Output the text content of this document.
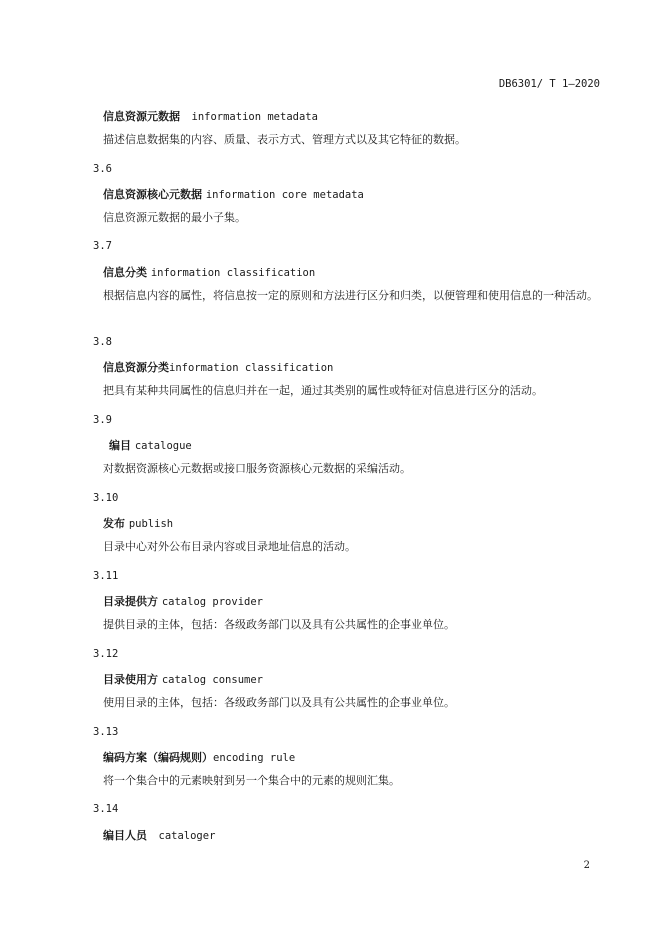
DB6301/ T 1—2020
信息资源元数据 information metadata
描述信息数据集的内容、质量、表示方式、管理方式以及其它特征的数据。
3.6
信息资源核心元数据 information core metadata
信息资源元数据的最小子集。
3.7
信息分类 information classification
根据信息内容的属性，将信息按一定的原则和方法进行区分和归类，以便管理和使用信息的一种活动。
3.8
信息资源分类information classification
把具有某种共同属性的信息归并在一起，通过其类别的属性或特征对信息进行区分的活动。
3.9
编目 catalogue
对数据资源核心元数据或接口服务资源核心元数据的采编活动。
3.10
发布 publish
目录中心对外公布目录内容或目录地址信息的活动。
3.11
目录提供方 catalog provider
提供目录的主体，包括：各级政务部门以及具有公共属性的企事业单位。
3.12
目录使用方 catalog consumer
使用目录的主体，包括：各级政务部门以及具有公共属性的企事业单位。
3.13
编码方案（编码规则）encoding rule
将一个集合中的元素映射到另一个集合中的元素的规则汇集。
3.14
编目人员 cataloger
2
